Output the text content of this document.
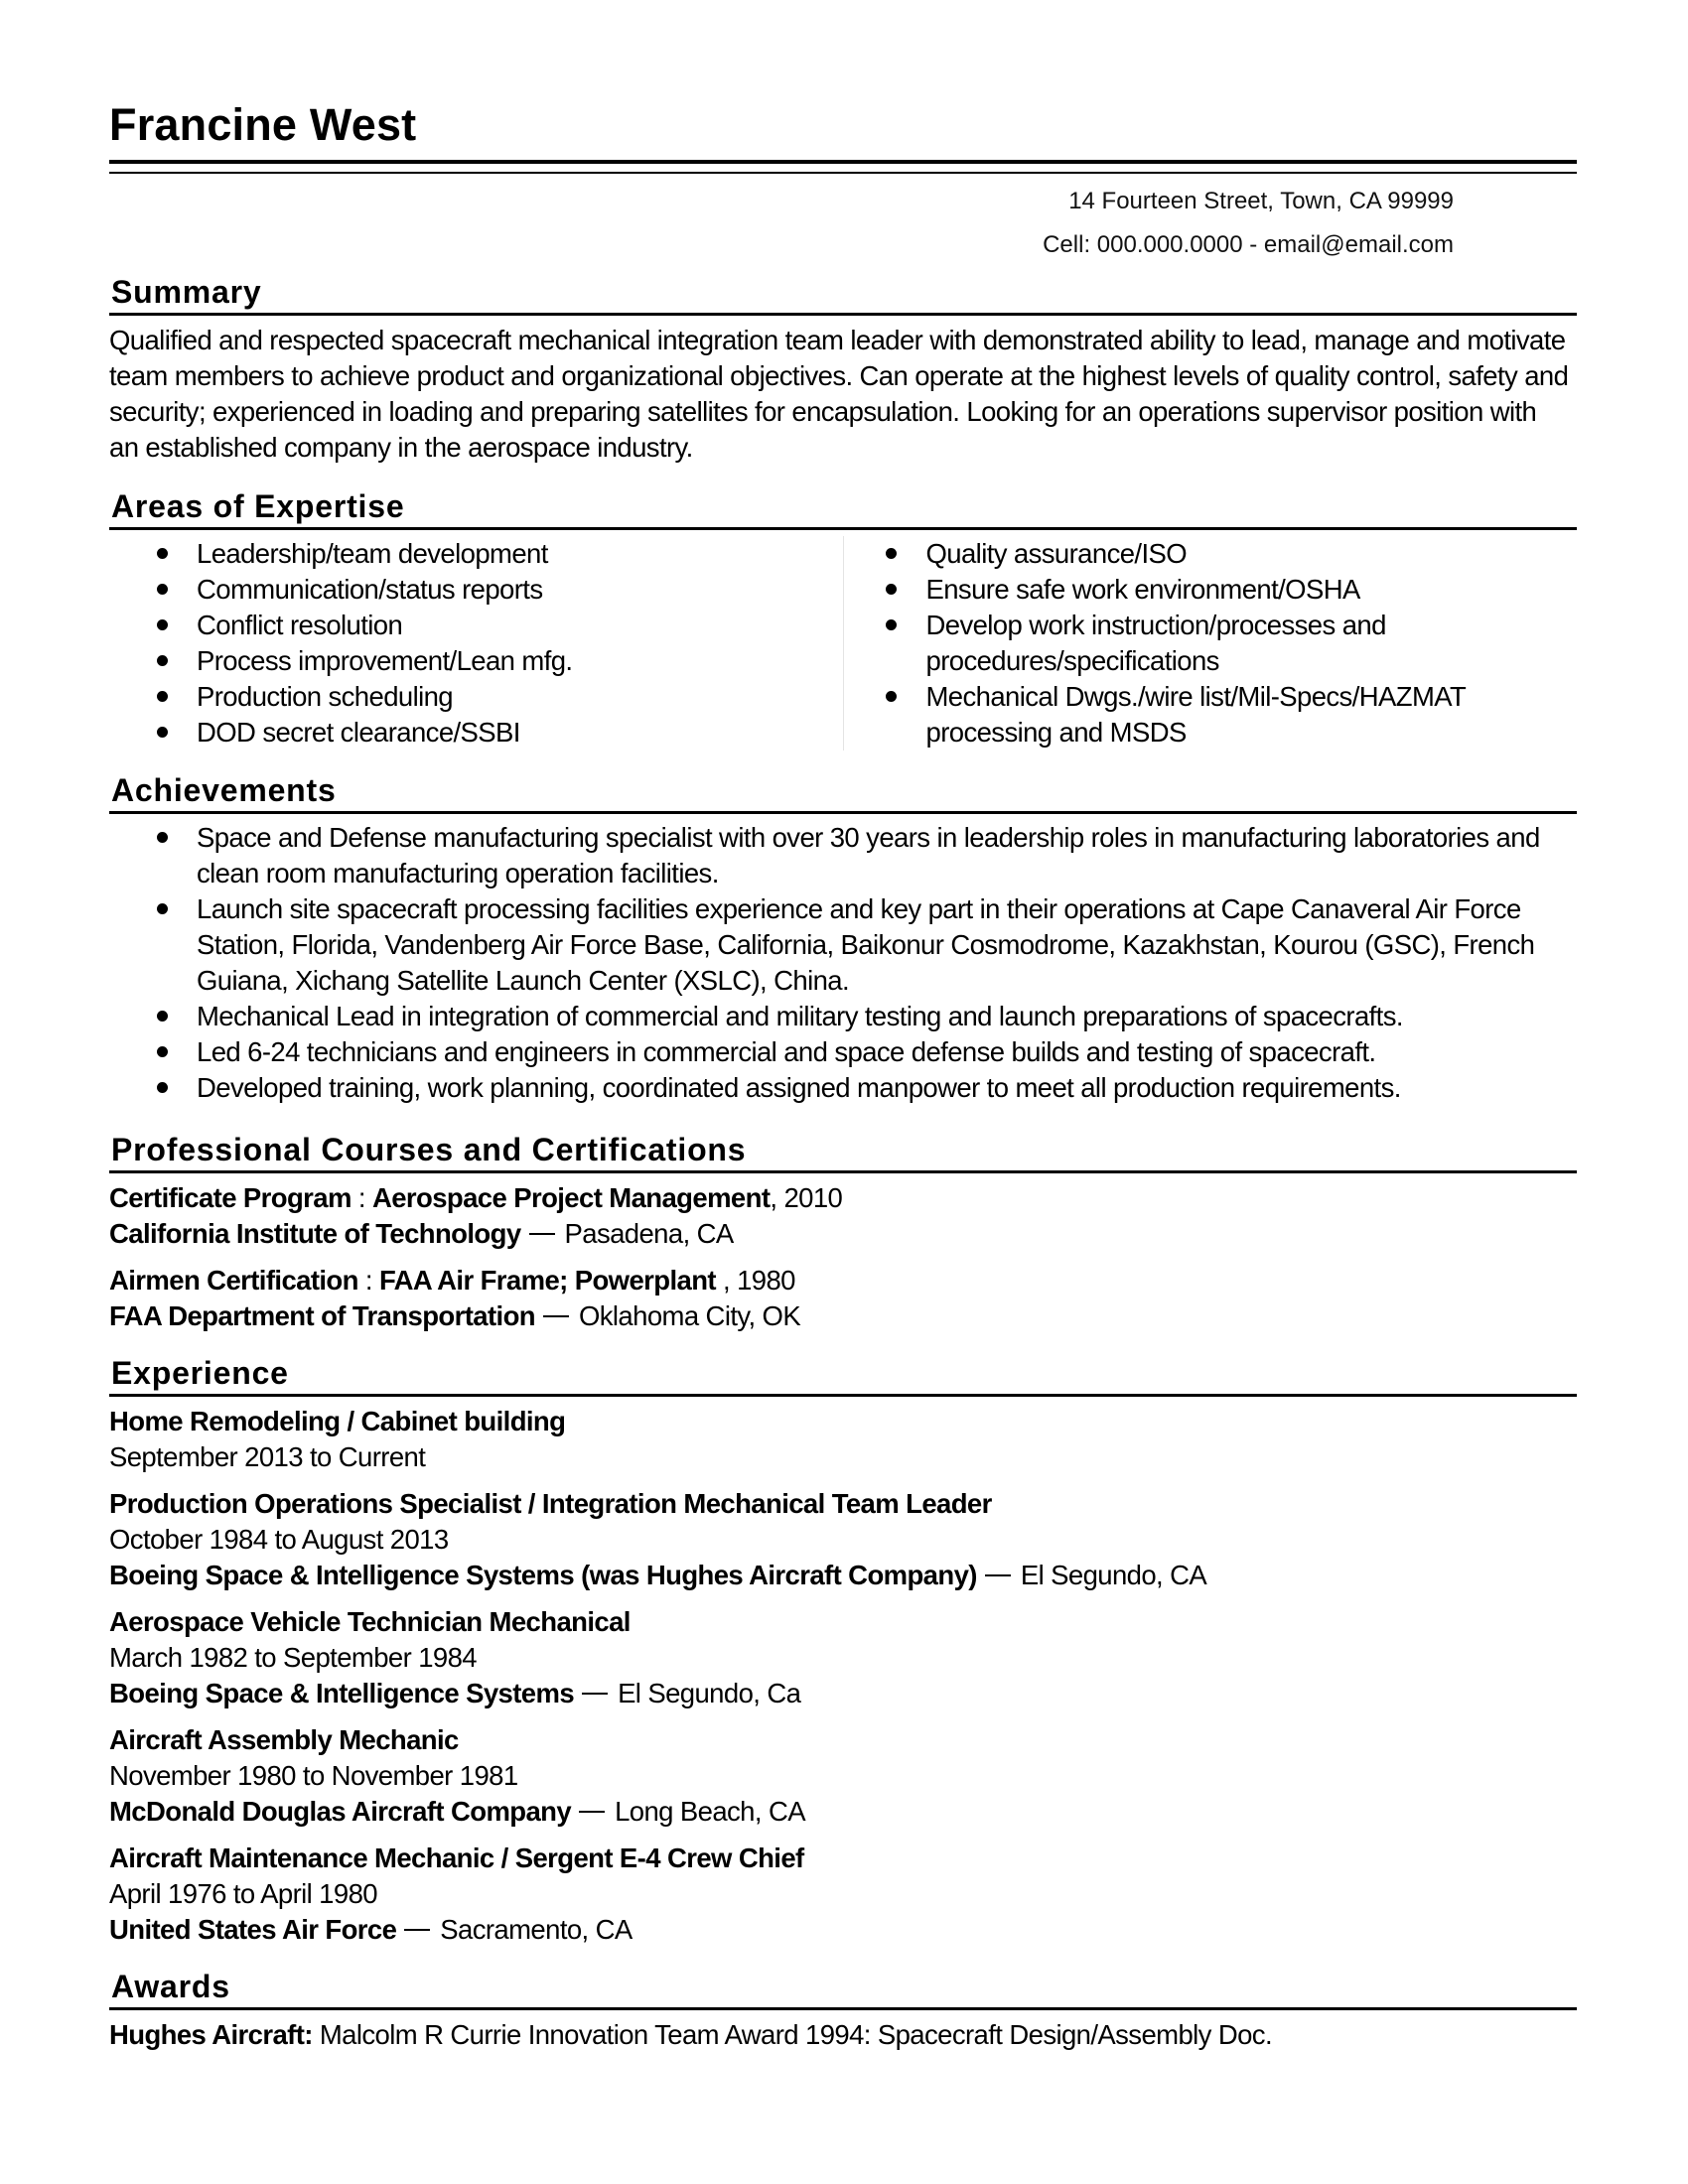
Francine West
14 Fourteen Street, Town, CA 99999
Cell: 000.000.0000 - email@email.com
Summary
Qualified and respected spacecraft mechanical integration team leader with demonstrated ability to lead, manage and motivate team members to achieve product and organizational objectives. Can operate at the highest levels of quality control, safety and security; experienced in loading and preparing satellites for encapsulation. Looking for an operations supervisor position with an established company in the aerospace industry.
Areas of Expertise
Leadership/team development
Communication/status reports
Conflict resolution
Process improvement/Lean mfg.
Production scheduling
DOD secret clearance/SSBI
Quality assurance/ISO
Ensure safe work environment/OSHA
Develop work instruction/processes and procedures/specifications
Mechanical Dwgs./wire list/Mil-Specs/HAZMAT processing and MSDS
Achievements
Space and Defense manufacturing specialist with over 30 years in leadership roles in manufacturing laboratories and clean room manufacturing operation facilities.
Launch site spacecraft processing facilities experience and key part in their operations at Cape Canaveral Air Force Station, Florida, Vandenberg Air Force Base, California, Baikonur Cosmodrome, Kazakhstan, Kourou (GSC), French Guiana, Xichang Satellite Launch Center (XSLC), China.
Mechanical Lead in integration of commercial and military testing and launch preparations of spacecrafts.
Led 6-24 technicians and engineers in commercial and space defense builds and testing of spacecraft.
Developed training, work planning, coordinated assigned manpower to meet all production requirements.
Professional Courses and Certifications
Certificate Program : Aerospace Project Management, 2010
California Institute of Technology Pasadena, CA
Airmen Certification : FAA Air Frame; Powerplant , 1980
FAA Department of Transportation Oklahoma City, OK
Experience
Home Remodeling / Cabinet building
September 2013 to Current
Production Operations Specialist / Integration Mechanical Team Leader
October 1984 to August 2013
Boeing Space & Intelligence Systems (was Hughes Aircraft Company) El Segundo, CA
Aerospace Vehicle Technician Mechanical
March 1982 to September 1984
Boeing Space & Intelligence Systems El Segundo, Ca
Aircraft Assembly Mechanic
November 1980 to November 1981
McDonald Douglas Aircraft Company Long Beach, CA
Aircraft Maintenance Mechanic / Sergent E-4 Crew Chief
April 1976 to April 1980
United States Air Force Sacramento, CA
Awards
Hughes Aircraft: Malcolm R Currie Innovation Team Award 1994: Spacecraft Design/Assembly Doc.
